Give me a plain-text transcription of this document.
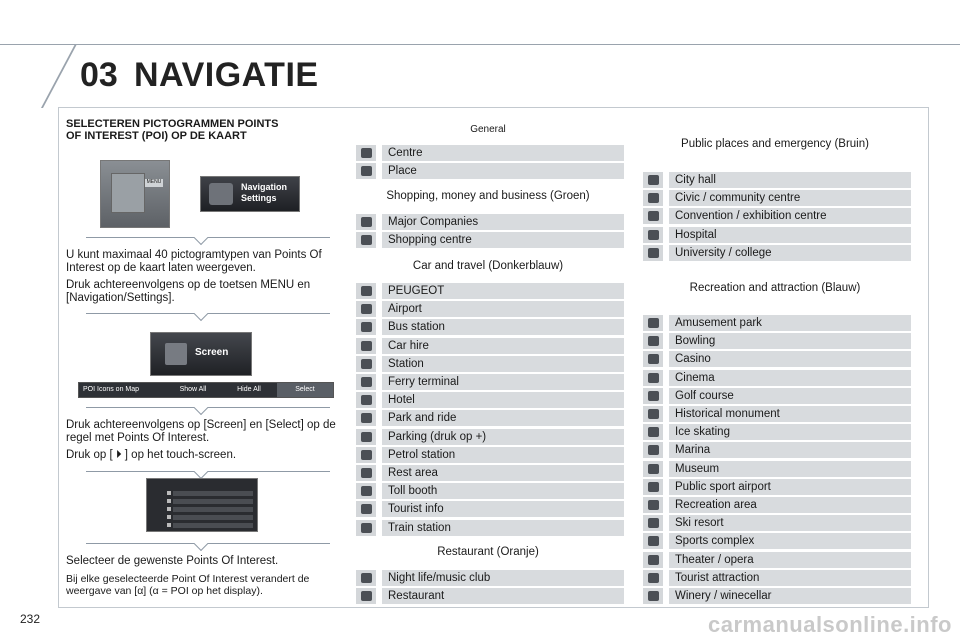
03 NAVIGATIE
SELECTEREN PICTOGRAMMEN POINTS
OF INTEREST (POI) OP DE KAART
MENU	Navigation
Settings
U kunt maximaal 40 pictogramtypen van Points Of Interest op de kaart laten weergeven.
Druk achtereenvolgens op de toetsen MENU en [Navigation/Settings].
Screen
POI Icons on Map	Show All	Hide All	Select
Druk achtereenvolgens op [Screen] en [Select] op de regel met Points Of Interest.
Druk op [ ⏵ ] op het touch-screen.
Selecteer de gewenste Points Of Interest.
Bij elke geselecteerde Point Of Interest verandert de weergave van [α] (α = POI op het display).
General
Centre
Place
Shopping, money and business (Groen)
Major Companies
Shopping centre
Car and travel (Donkerblauw)
PEUGEOT
Airport
Bus station
Car hire
Station
Ferry terminal
Hotel
Park and ride
Parking (druk op +)
Petrol station
Rest area
Toll booth
Tourist info
Train station
Restaurant (Oranje)
Night life/music club
Restaurant
Public places and emergency (Bruin)
City hall
Civic / community centre
Convention / exhibition centre
Hospital
University / college
Recreation and attraction (Blauw)
Amusement park
Bowling
Casino
Cinema
Golf course
Historical monument
Ice skating
Marina
Museum
Public sport airport
Recreation area
Ski resort
Sports complex
Theater / opera
Tourist attraction
Winery / winecellar
232	carmanualsonline.info
